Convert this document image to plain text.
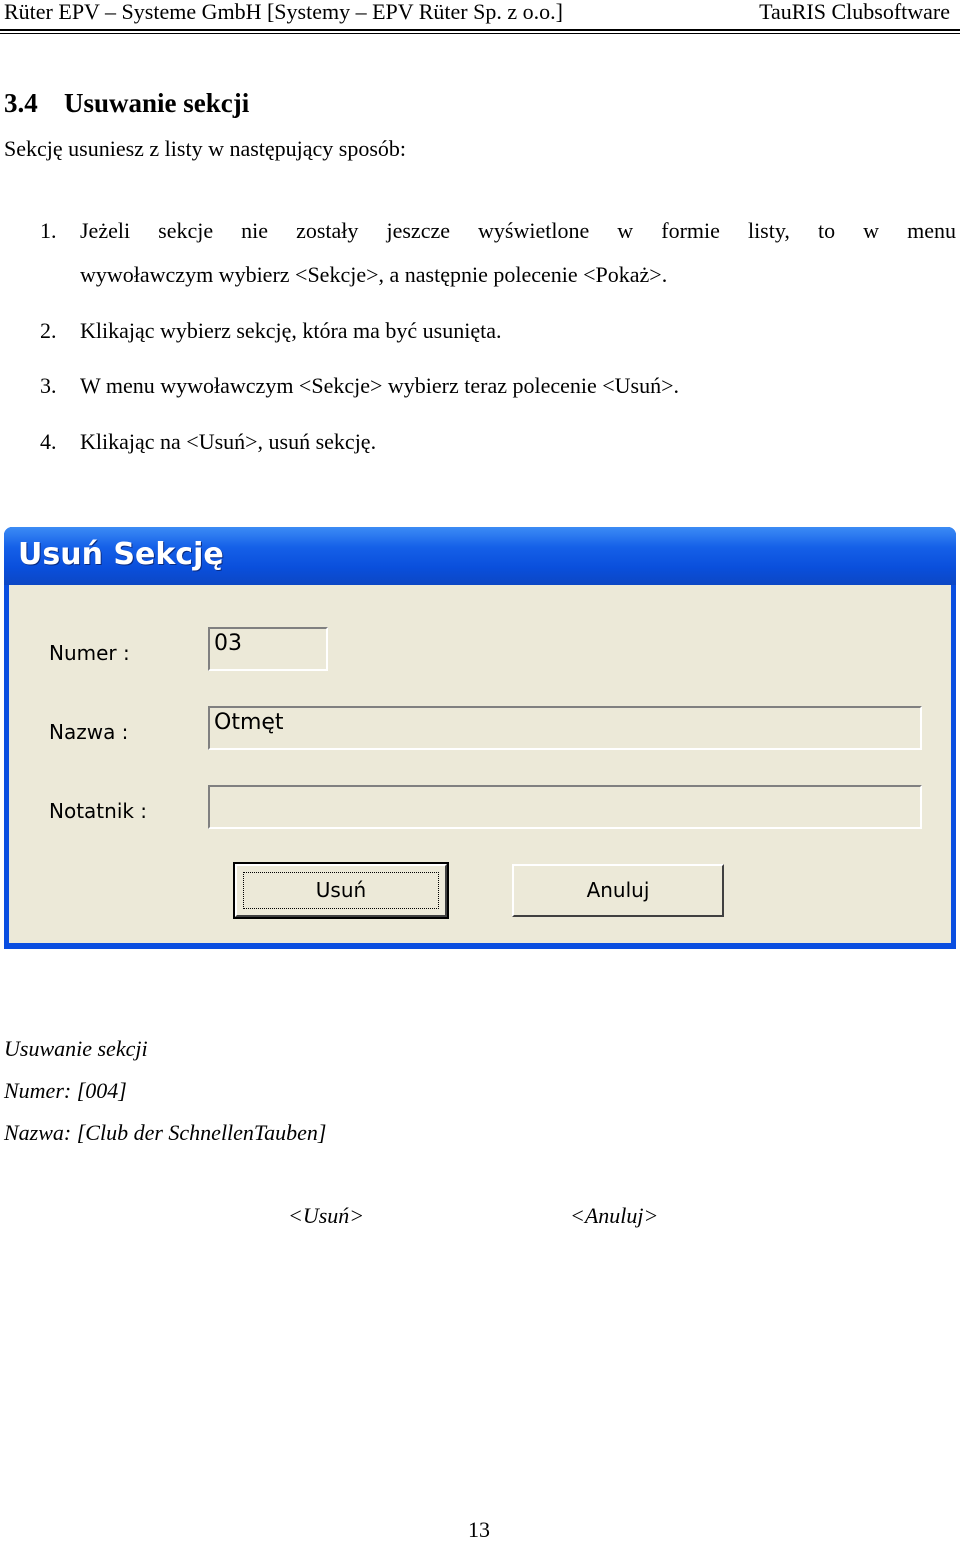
Rüter EPV – Systeme GmbH [Systemy – EPV Rüter Sp. z o.o.]	TauRIS Clubsoftware
3.4 Usuwanie sekcji
Sekcję usuniesz z listy w następujący sposób:
1. Jeżeli sekcje nie zostały jeszcze wyświetlone w formie listy, to w menu
wywoławczym wybierz <Sekcje>, a następnie polecenie <Pokaż>.
2. Klikając wybierz sekcję, która ma być usunięta.
3. W menu wywoławczym <Sekcje> wybierz teraz polecenie <Usuń>.
4. Klikając na <Usuń>, usuń sekcję.
Usuń Sekcję
Numer :	03
Nazwa :	Otmęt
Notatnik :
Usuń	Anuluj
Usuwanie sekcji
Numer: [004]
Nazwa: [Club der SchnellenTauben]
<Usuń>	<Anuluj>
13
